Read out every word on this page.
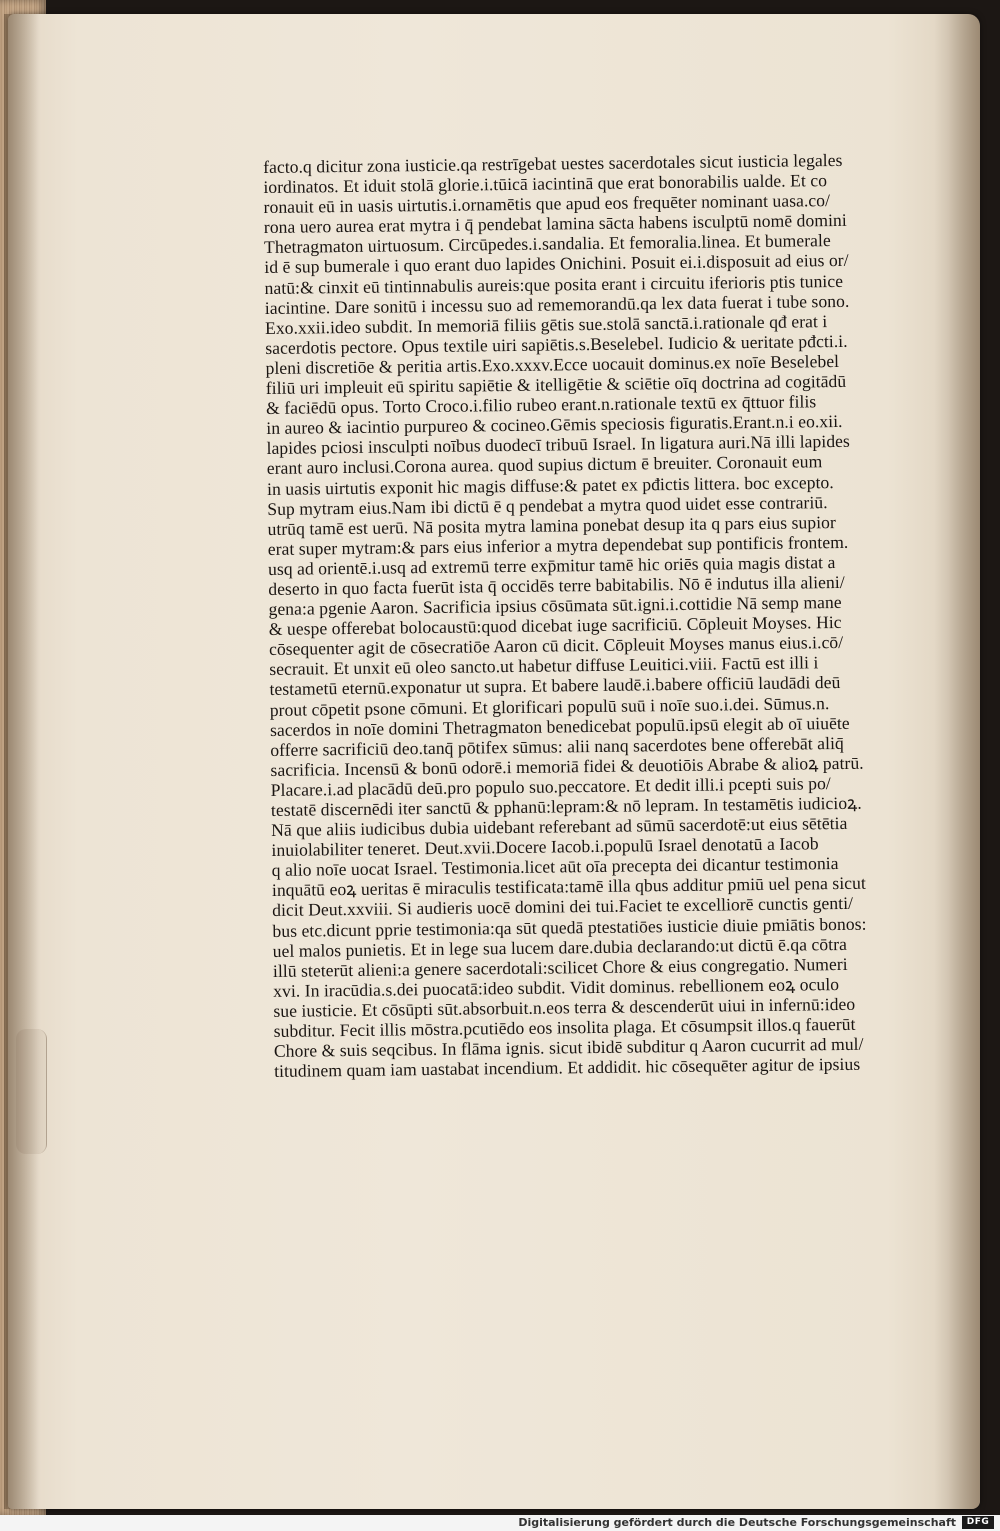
facto.q dicitur zona iusticie.qa restrīgebat uestes sacerdotales sicut iusticia legales
iordinatos. Et iduit stolā glorie.i.tūicā iacintinā que erat bonorabilis ualde. Et co
ronauit eū in uasis uirtutis.i.ornamētis que apud eos frequēter nominant uasa.co/
rona uero aurea erat mytra i q̄ pendebat lamina sācta habens isculptū nomē domini
Thetragmaton uirtuosum. Circūpedes.i.sandalia. Et femoralia.linea. Et bumerale
id ē sup bumerale i quo erant duo lapides Onichini. Posuit ei.i.disposuit ad eius or/
natū:& cinxit eū tintinnabulis aureis:que posita erant i circuitu iferioris ptis tunice
iacintine. Dare sonitū i incessu suo ad rememorandū.qa lex data fuerat i tube sono.
Exo.xxii.ideo subdit. In memoriā filiis gētis sue.stolā sanctā.i.rationale qđ erat i
sacerdotis pectore. Opus textile uiri sapiētis.s.Beselebel. Iudicio & ueritate pđcti.i.
pleni discretiōe & peritia artis.Exo.xxxv.Ecce uocauit dominus.ex noīe Beselebel
filiū uri impleuit eū spiritu sapiētie & itelligētie & sciētie oīq doctrina ad cogitādū
& faciēdū opus. Torto Croco.i.filio rubeo erant.n.rationale textū ex q̄ttuor filis
in aureo & iacintio purpureo & cocineo.Gēmis speciosis figuratis.Erant.n.i eo.xii.
lapides pciosi insculpti noībus duodecī tribuū Israel. In ligatura auri.Nā illi lapides
erant auro inclusi.Corona aurea. quod supius dictum ē breuiter. Coronauit eum
in uasis uirtutis exponit hic magis diffuse:& patet ex pđictis littera. boc excepto.
Sup mytram eius.Nam ibi dictū ē q pendebat a mytra quod uidet esse contrariū.
utrūq tamē est uerū. Nā posita mytra lamina ponebat desup ita q pars eius supior
erat super mytram:& pars eius inferior a mytra dependebat sup pontificis frontem.
usq ad orientē.i.usq ad extremū terre exp̄mitur tamē hic oriēs quia magis distat a
deserto in quo facta fuerūt ista q̄ occidēs terre babitabilis. Nō ē indutus illa alieni/
gena:a pgenie Aaron. Sacrificia ipsius cōsūmata sūt.igni.i.cottidie Nā semp mane
& uespe offerebat bolocaustū:quod dicebat iuge sacrificiū. Cōpleuit Moyses. Hic
cōsequenter agit de cōsecratiōe Aaron cū dicit. Cōpleuit Moyses manus eius.i.cō/
secrauit. Et unxit eū oleo sancto.ut habetur diffuse Leuitici.viii. Factū est illi i
testametū eternū.exponatur ut supra. Et babere laudē.i.babere officiū laudādi deū
prout cōpetit psone cōmuni. Et glorificari populū suū i noīe suo.i.dei. Sūmus.n.
sacerdos in noīe domini Thetragmaton benedicebat populū.ipsū elegit ab oī uiuēte
offerre sacrificiū deo.tanq̄ pōtifex sūmus: alii nanq sacerdotes bene offerebāt aliq̄
sacrificia. Incensū & bonū odorē.i memoriā fidei & deuotiōis Abrabe & alioꝝ patrū.
Placare.i.ad placādū deū.pro populo suo.peccatore. Et dedit illi.i pcepti suis po/
testatē discernēdi iter sanctū & pphanū:lepram:& nō lepram. In testamētis iudicioꝝ.
Nā que aliis iudicibus dubia uidebant referebant ad sūmū sacerdotē:ut eius sētētia
inuiolabiliter teneret. Deut.xvii.Docere Iacob.i.populū Israel denotatū a Iacob
q alio noīe uocat Israel. Testimonia.licet aūt oīa precepta dei dicantur testimonia
inquātū eoꝝ ueritas ē miraculis testificata:tamē illa qbus additur pmiū uel pena sicut
dicit Deut.xxviii. Si audieris uocē domini dei tui.Faciet te excelliorē cunctis genti/
bus etc.dicunt pprie testimonia:qa sūt quedā ptestatiōes iusticie diuie pmiātis bonos:
uel malos punietis. Et in lege sua lucem dare.dubia declarando:ut dictū ē.qa cōtra
illū steterūt alieni:a genere sacerdotali:scilicet Chore & eius congregatio. Numeri
xvi. In iracūdia.s.dei puocatā:ideo subdit. Vidit dominus. rebellionem eoꝝ oculo
sue iusticie. Et cōsūpti sūt.absorbuit.n.eos terra & descenderūt uiui in infernū:ideo
subditur. Fecit illis mōstra.pcutiēdo eos insolita plaga. Et cōsumpsit illos.q fauerūt
Chore & suis seqcibus. In flāma ignis. sicut ibidē subditur q Aaron cucurrit ad mul/
titudinem quam iam uastabat incendium. Et addidit. hic cōsequēter agitur de ipsius
Digitalisierung gefördert durch die Deutsche Forschungsgemeinschaft	DFG
